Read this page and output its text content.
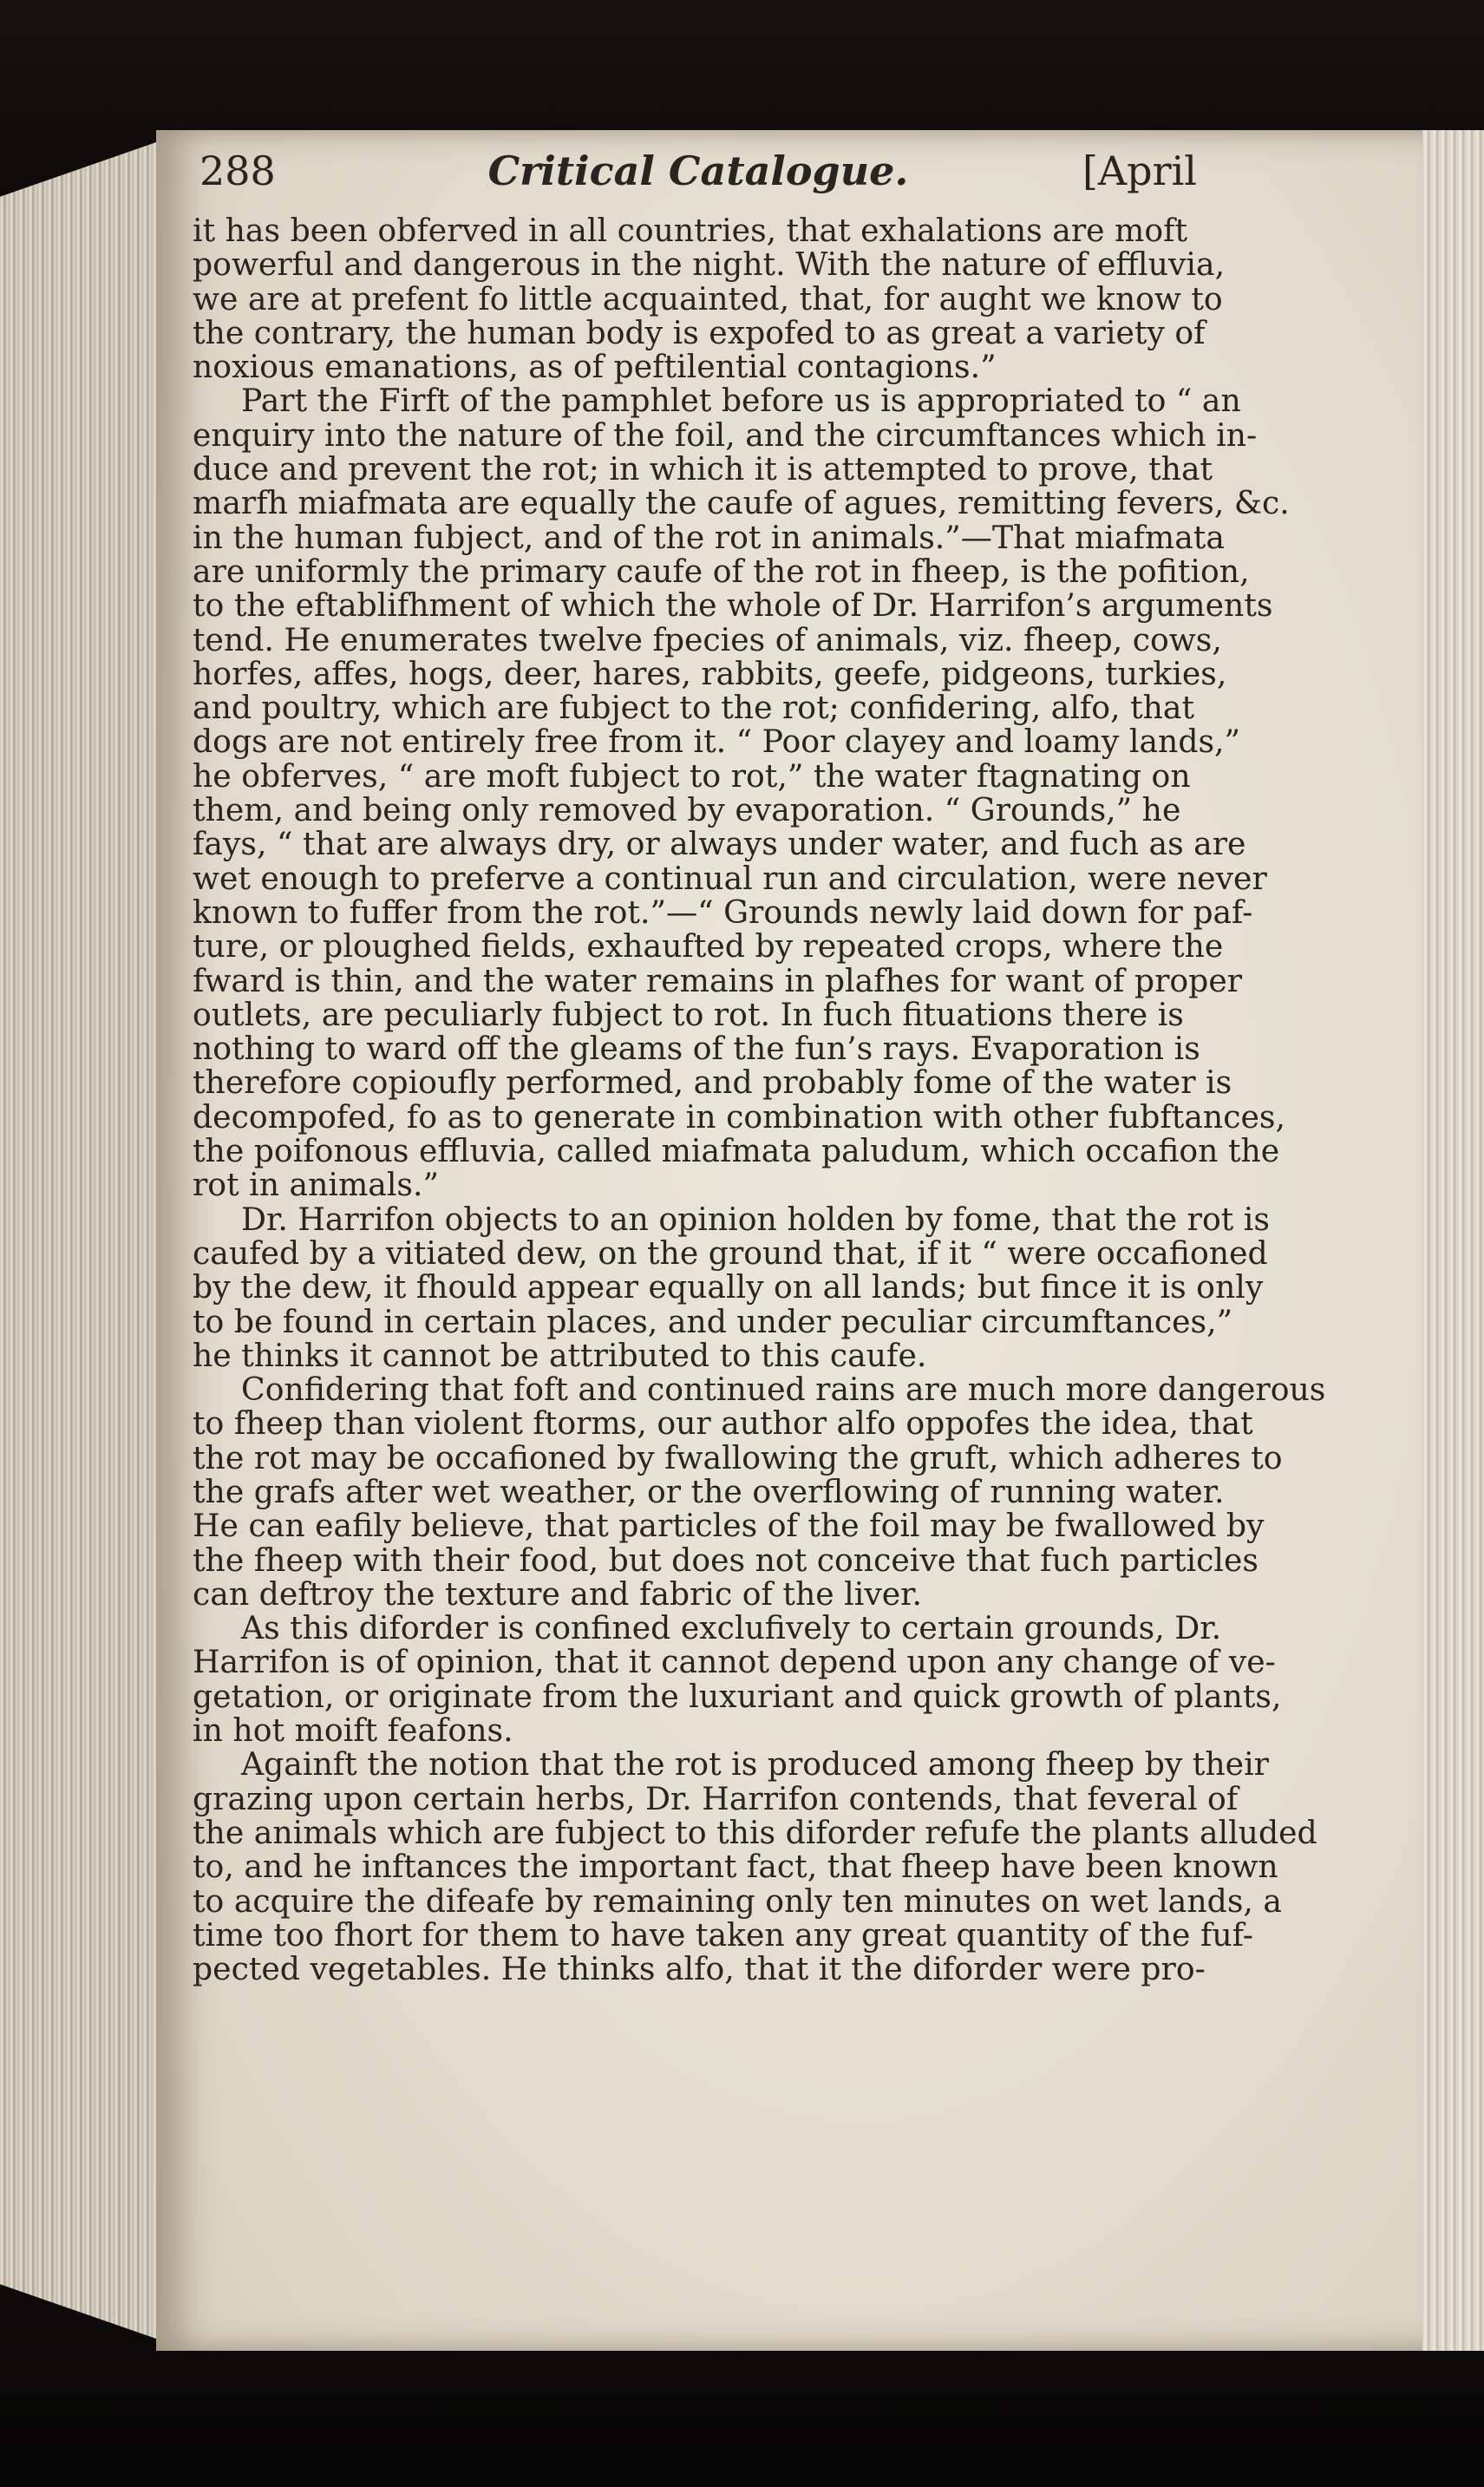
288	Critical Catalogue.	[April
it has been obferved in all countries, that exhalations are moft
powerful and dangerous in the night. With the nature of effluvia,
we are at prefent fo little acquainted, that, for aught we know to
the contrary, the human body is expofed to as great a variety of
noxious emanations, as of peftilential contagions.”
Part the Firft of the pamphlet before us is appropriated to “ an
enquiry into the nature of the foil, and the circumftances which in-
duce and prevent the rot; in which it is attempted to prove, that
marfh miafmata are equally the caufe of agues, remitting fevers, &c.
in the human fubject, and of the rot in animals.”—That miafmata
are uniformly the primary caufe of the rot in fheep, is the pofition,
to the eftablifhment of which the whole of Dr. Harrifon’s arguments
tend. He enumerates twelve fpecies of animals, viz. fheep, cows,
horfes, affes, hogs, deer, hares, rabbits, geefe, pidgeons, turkies,
and poultry, which are fubject to the rot; confidering, alfo, that
dogs are not entirely free from it. “ Poor clayey and loamy lands,”
he obferves, “ are moft fubject to rot,” the water ftagnating on
them, and being only removed by evaporation. “ Grounds,” he
fays, “ that are always dry, or always under water, and fuch as are
wet enough to preferve a continual run and circulation, were never
known to fuffer from the rot.”—“ Grounds newly laid down for paf-
ture, or ploughed fields, exhaufted by repeated crops, where the
fward is thin, and the water remains in plafhes for want of proper
outlets, are peculiarly fubject to rot. In fuch fituations there is
nothing to ward off the gleams of the fun’s rays. Evaporation is
therefore copioufly performed, and probably fome of the water is
decompofed, fo as to generate in combination with other fubftances,
the poifonous effluvia, called miafmata paludum, which occafion the
rot in animals.”
Dr. Harrifon objects to an opinion holden by fome, that the rot is
caufed by a vitiated dew, on the ground that, if it “ were occafioned
by the dew, it fhould appear equally on all lands; but fince it is only
to be found in certain places, and under peculiar circumftances,”
he thinks it cannot be attributed to this caufe.
Confidering that foft and continued rains are much more dangerous
to fheep than violent ftorms, our author alfo oppofes the idea, that
the rot may be occafioned by fwallowing the gruft, which adheres to
the grafs after wet weather, or the overflowing of running water.
He can eafily believe, that particles of the foil may be fwallowed by
the fheep with their food, but does not conceive that fuch particles
can deftroy the texture and fabric of the liver.
As this diforder is confined exclufively to certain grounds, Dr.
Harrifon is of opinion, that it cannot depend upon any change of ve-
getation, or originate from the luxuriant and quick growth of plants,
in hot moift feafons.
Againft the notion that the rot is produced among fheep by their
grazing upon certain herbs, Dr. Harrifon contends, that feveral of
the animals which are fubject to this diforder refufe the plants alluded
to, and he inftances the important fact, that fheep have been known
to acquire the difeafe by remaining only ten minutes on wet lands, a
time too fhort for them to have taken any great quantity of the fuf-
pected vegetables. He thinks alfo, that it the diforder were pro-
